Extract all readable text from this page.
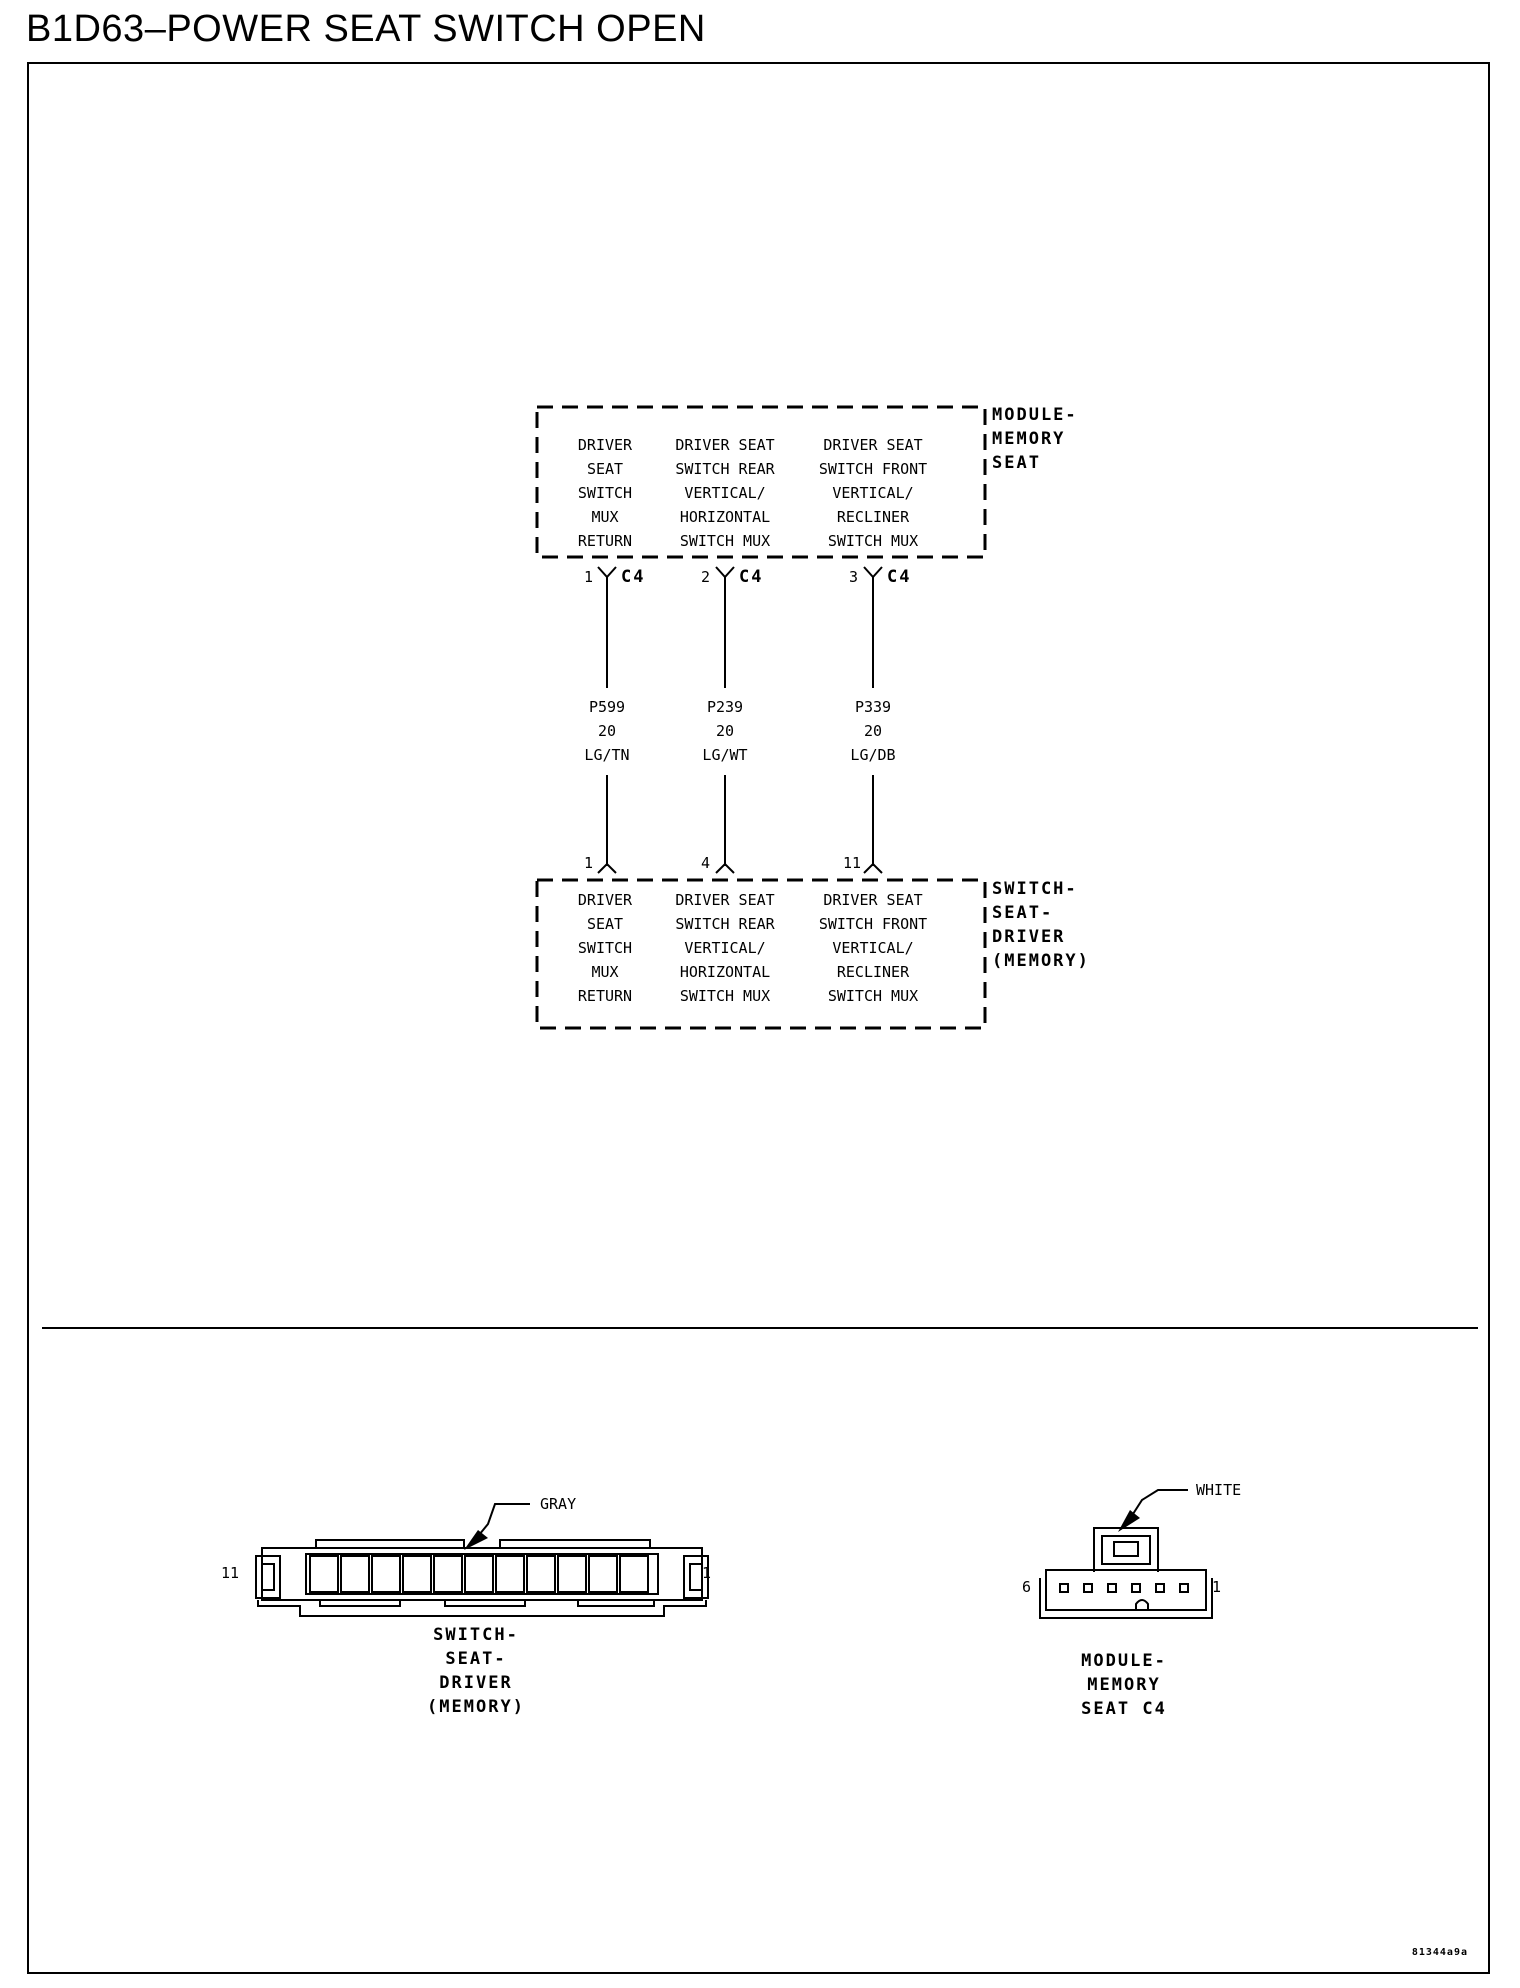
B1D63–POWER SEAT SWITCH OPEN
MODULE-
MEMORY
SEAT
DRIVER
SEAT
SWITCH
MUX
RETURN
DRIVER SEAT
SWITCH REAR
VERTICAL/
HORIZONTAL
SWITCH MUX
DRIVER SEAT
SWITCH FRONT
VERTICAL/
RECLINER
SWITCH MUX
1 C4	2 C4	3 C4
P599
20
LG/TN
P239
20
LG/WT
P339
20
LG/DB
1	4	11
SWITCH-
SEAT-
DRIVER
(MEMORY)
DRIVER
SEAT
SWITCH
MUX
RETURN
DRIVER SEAT
SWITCH REAR
VERTICAL/
HORIZONTAL
SWITCH MUX
DRIVER SEAT
SWITCH FRONT
VERTICAL/
RECLINER
SWITCH MUX
GRAY
11	1
SWITCH-
SEAT-
DRIVER
(MEMORY)
WHITE
6	1
MODULE-
MEMORY
SEAT C4
81344a9a
